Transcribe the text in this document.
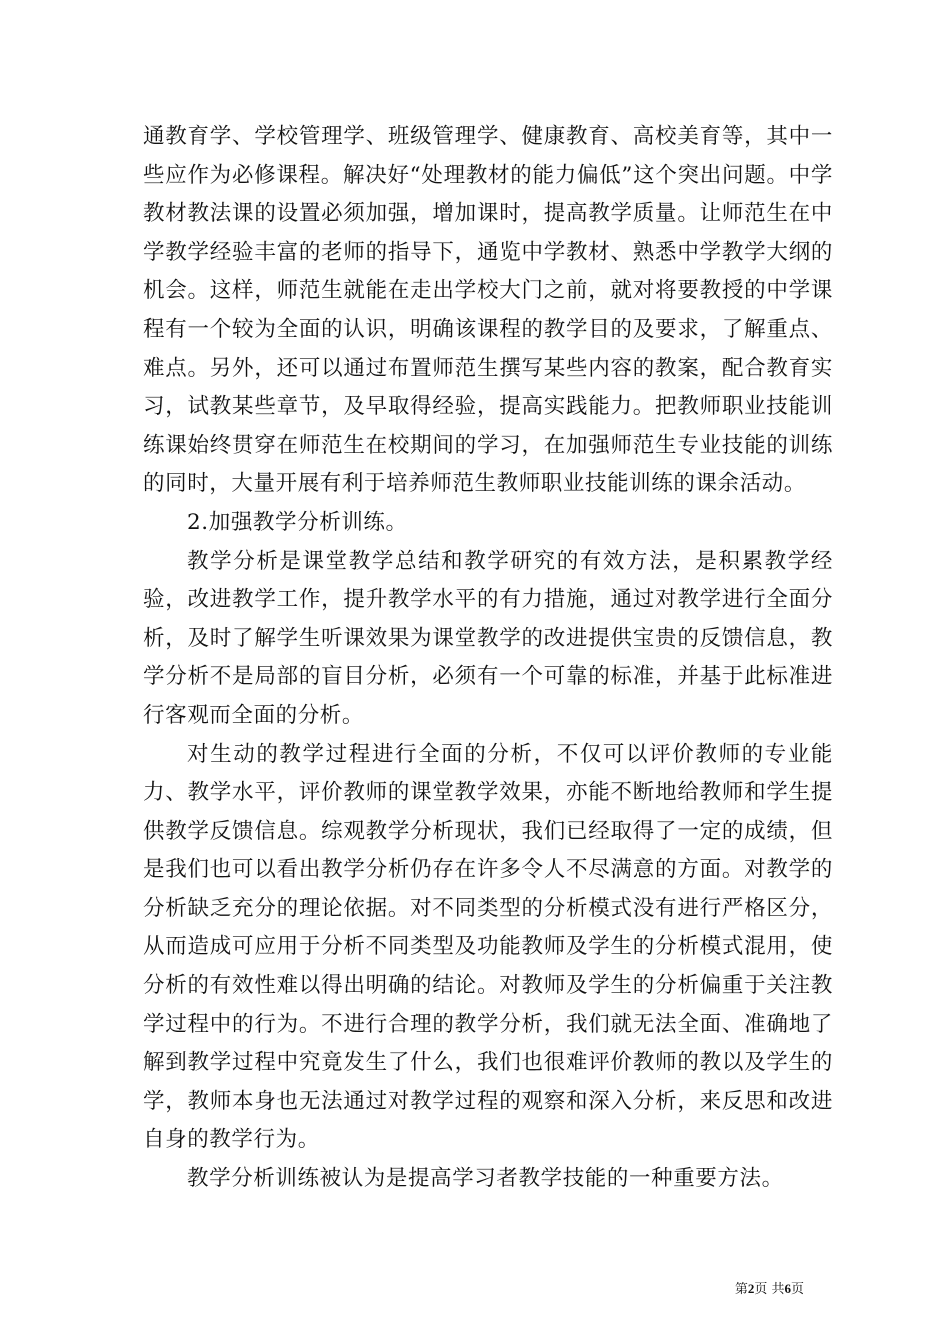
通教育学、学校管理学、班级管理学、健康教育、高校美育等，其中一些应作为必修课程。解决好“处理教材的能力偏低”这个突出问题。中学教材教法课的设置必须加强，增加课时，提高教学质量。让师范生在中学教学经验丰富的老师的指导下，通览中学教材、熟悉中学教学大纲的机会。这样，师范生就能在走出学校大门之前，就对将要教授的中学课程有一个较为全面的认识，明确该课程的教学目的及要求，了解重点、难点。另外，还可以通过布置师范生撰写某些内容的教案，配合教育实习，试教某些章节，及早取得经验，提高实践能力。把教师职业技能训练课始终贯穿在师范生在校期间的学习，在加强师范生专业技能的训练的同时，大量开展有利于培养师范生教师职业技能训练的课余活动。

2.加强教学分析训练。

教学分析是课堂教学总结和教学研究的有效方法，是积累教学经验，改进教学工作，提升教学水平的有力措施，通过对教学进行全面分析，及时了解学生听课效果为课堂教学的改进提供宝贵的反馈信息，教学分析不是局部的盲目分析，必须有一个可靠的标准，并基于此标准进行客观而全面的分析。

对生动的教学过程进行全面的分析，不仅可以评价教师的专业能力、教学水平，评价教师的课堂教学效果，亦能不断地给教师和学生提供教学反馈信息。综观教学分析现状，我们已经取得了一定的成绩，但是我们也可以看出教学分析仍存在许多令人不尽满意的方面。对教学的分析缺乏充分的理论依据。对不同类型的分析模式没有进行严格区分，从而造成可应用于分析不同类型及功能教师及学生的分析模式混用，使分析的有效性难以得出明确的结论。对教师及学生的分析偏重于关注教学过程中的行为。不进行合理的教学分析，我们就无法全面、准确地了解到教学过程中究竟发生了什么，我们也很难评价教师的教以及学生的学，教师本身也无法通过对教学过程的观察和深入分析，来反思和改进自身的教学行为。

教学分析训练被认为是提高学习者教学技能的一种重要方法。

第2页 共6页
